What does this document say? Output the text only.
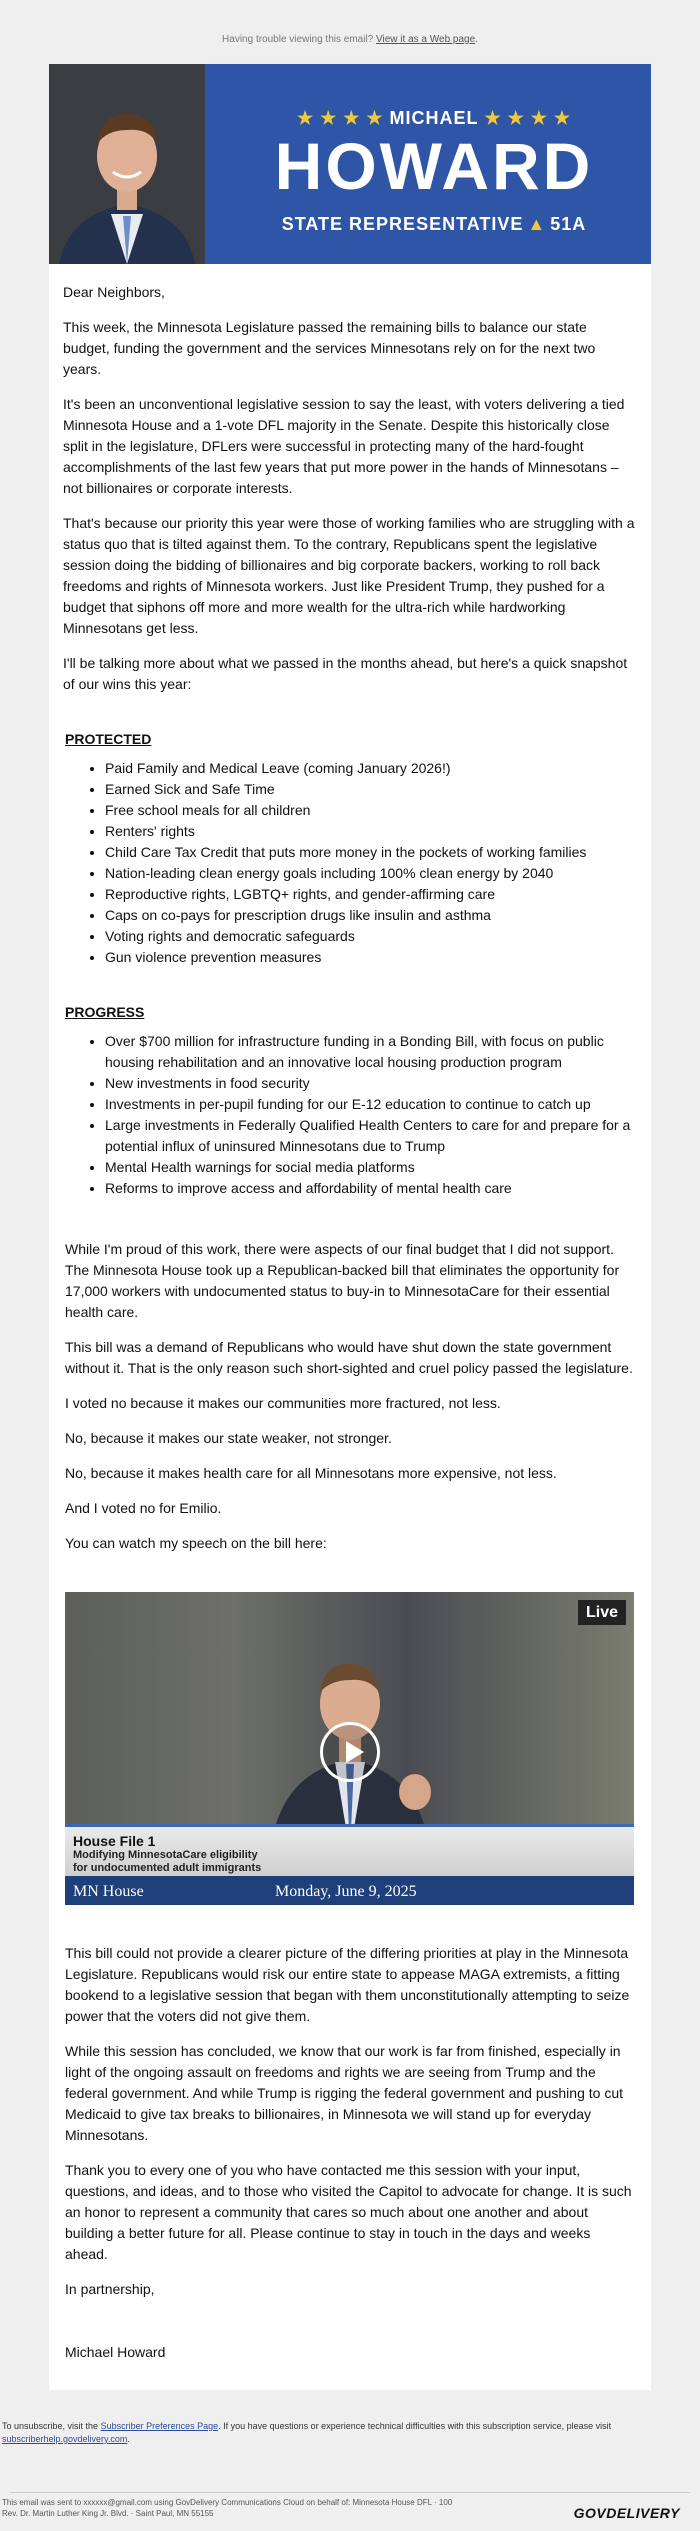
Having trouble viewing this email? View it as a Web page.
★ ★ ★ ★ MICHAEL ★ ★ ★ ★
HOWARD
STATE REPRESENTATIVE ▲ 51A

Dear Neighbors,

This week, the Minnesota Legislature passed the remaining bills to balance our state budget, funding the government and the services Minnesotans rely on for the next two years.

It's been an unconventional legislative session to say the least, with voters delivering a tied Minnesota House and a 1-vote DFL majority in the Senate. Despite this historically close split in the legislature, DFLers were successful in protecting many of the hard-fought accomplishments of the last few years that put more power in the hands of Minnesotans – not billionaires or corporate interests.

That's because our priority this year were those of working families who are struggling with a status quo that is tilted against them. To the contrary, Republicans spent the legislative session doing the bidding of billionaires and big corporate backers, working to roll back freedoms and rights of Minnesota workers. Just like President Trump, they pushed for a budget that siphons off more and more wealth for the ultra-rich while hardworking Minnesotans get less.

I'll be talking more about what we passed in the months ahead, but here's a quick snapshot of our wins this year:

PROTECTED
• Paid Family and Medical Leave (coming January 2026!)
• Earned Sick and Safe Time
• Free school meals for all children
• Renters' rights
• Child Care Tax Credit that puts more money in the pockets of working families
• Nation-leading clean energy goals including 100% clean energy by 2040
• Reproductive rights, LGBTQ+ rights, and gender-affirming care
• Caps on co-pays for prescription drugs like insulin and asthma
• Voting rights and democratic safeguards
• Gun violence prevention measures
PROGRESS
• Over $700 million for infrastructure funding in a Bonding Bill, with focus on public housing rehabilitation and an innovative local housing production program
• New investments in food security
• Investments in per-pupil funding for our E-12 education to continue to catch up
• Large investments in Federally Qualified Health Centers to care for and prepare for a potential influx of uninsured Minnesotans due to Trump
• Mental Health warnings for social media platforms
• Reforms to improve access and affordability of mental health care

While I'm proud of this work, there were aspects of our final budget that I did not support. The Minnesota House took up a Republican-backed bill that eliminates the opportunity for 17,000 workers with undocumented status to buy-in to MinnesotaCare for their essential health care.

This bill was a demand of Republicans who would have shut down the state government without it. That is the only reason such short-sighted and cruel policy passed the legislature.

I voted no because it makes our communities more fractured, not less.

No, because it makes our state weaker, not stronger.

No, because it makes health care for all Minnesotans more expensive, not less.

And I voted no for Emilio.

You can watch my speech on the bill here:

Live
House File 1
Modifying MinnesotaCare eligibility
for undocumented adult immigrants
MN House	Monday, June 9, 2025

This bill could not provide a clearer picture of the differing priorities at play in the Minnesota Legislature. Republicans would risk our entire state to appease MAGA extremists, a fitting bookend to a legislative session that began with them unconstitutionally attempting to seize power that the voters did not give them.

While this session has concluded, we know that our work is far from finished, especially in light of the ongoing assault on freedoms and rights we are seeing from Trump and the federal government. And while Trump is rigging the federal government and pushing to cut Medicaid to give tax breaks to billionaires, in Minnesota we will stand up for everyday Minnesotans.

Thank you to every one of you who have contacted me this session with your input, questions, and ideas, and to those who visited the Capitol to advocate for change. It is such an honor to represent a community that cares so much about one another and about building a better future for all. Please continue to stay in touch in the days and weeks ahead.

In partnership,

Michael Howard

To unsubscribe, visit the Subscriber Preferences Page. If you have questions or experience technical difficulties with this subscription service, please visit subscriberhelp.govdelivery.com.
This email was sent to xxxxxx@gmail.com using GovDelivery Communications Cloud on behalf of: Minnesota House DFL · 100
Rev. Dr. Martin Luther King Jr. Blvd. · Saint Paul, MN 55155	GOVDELIVERY
